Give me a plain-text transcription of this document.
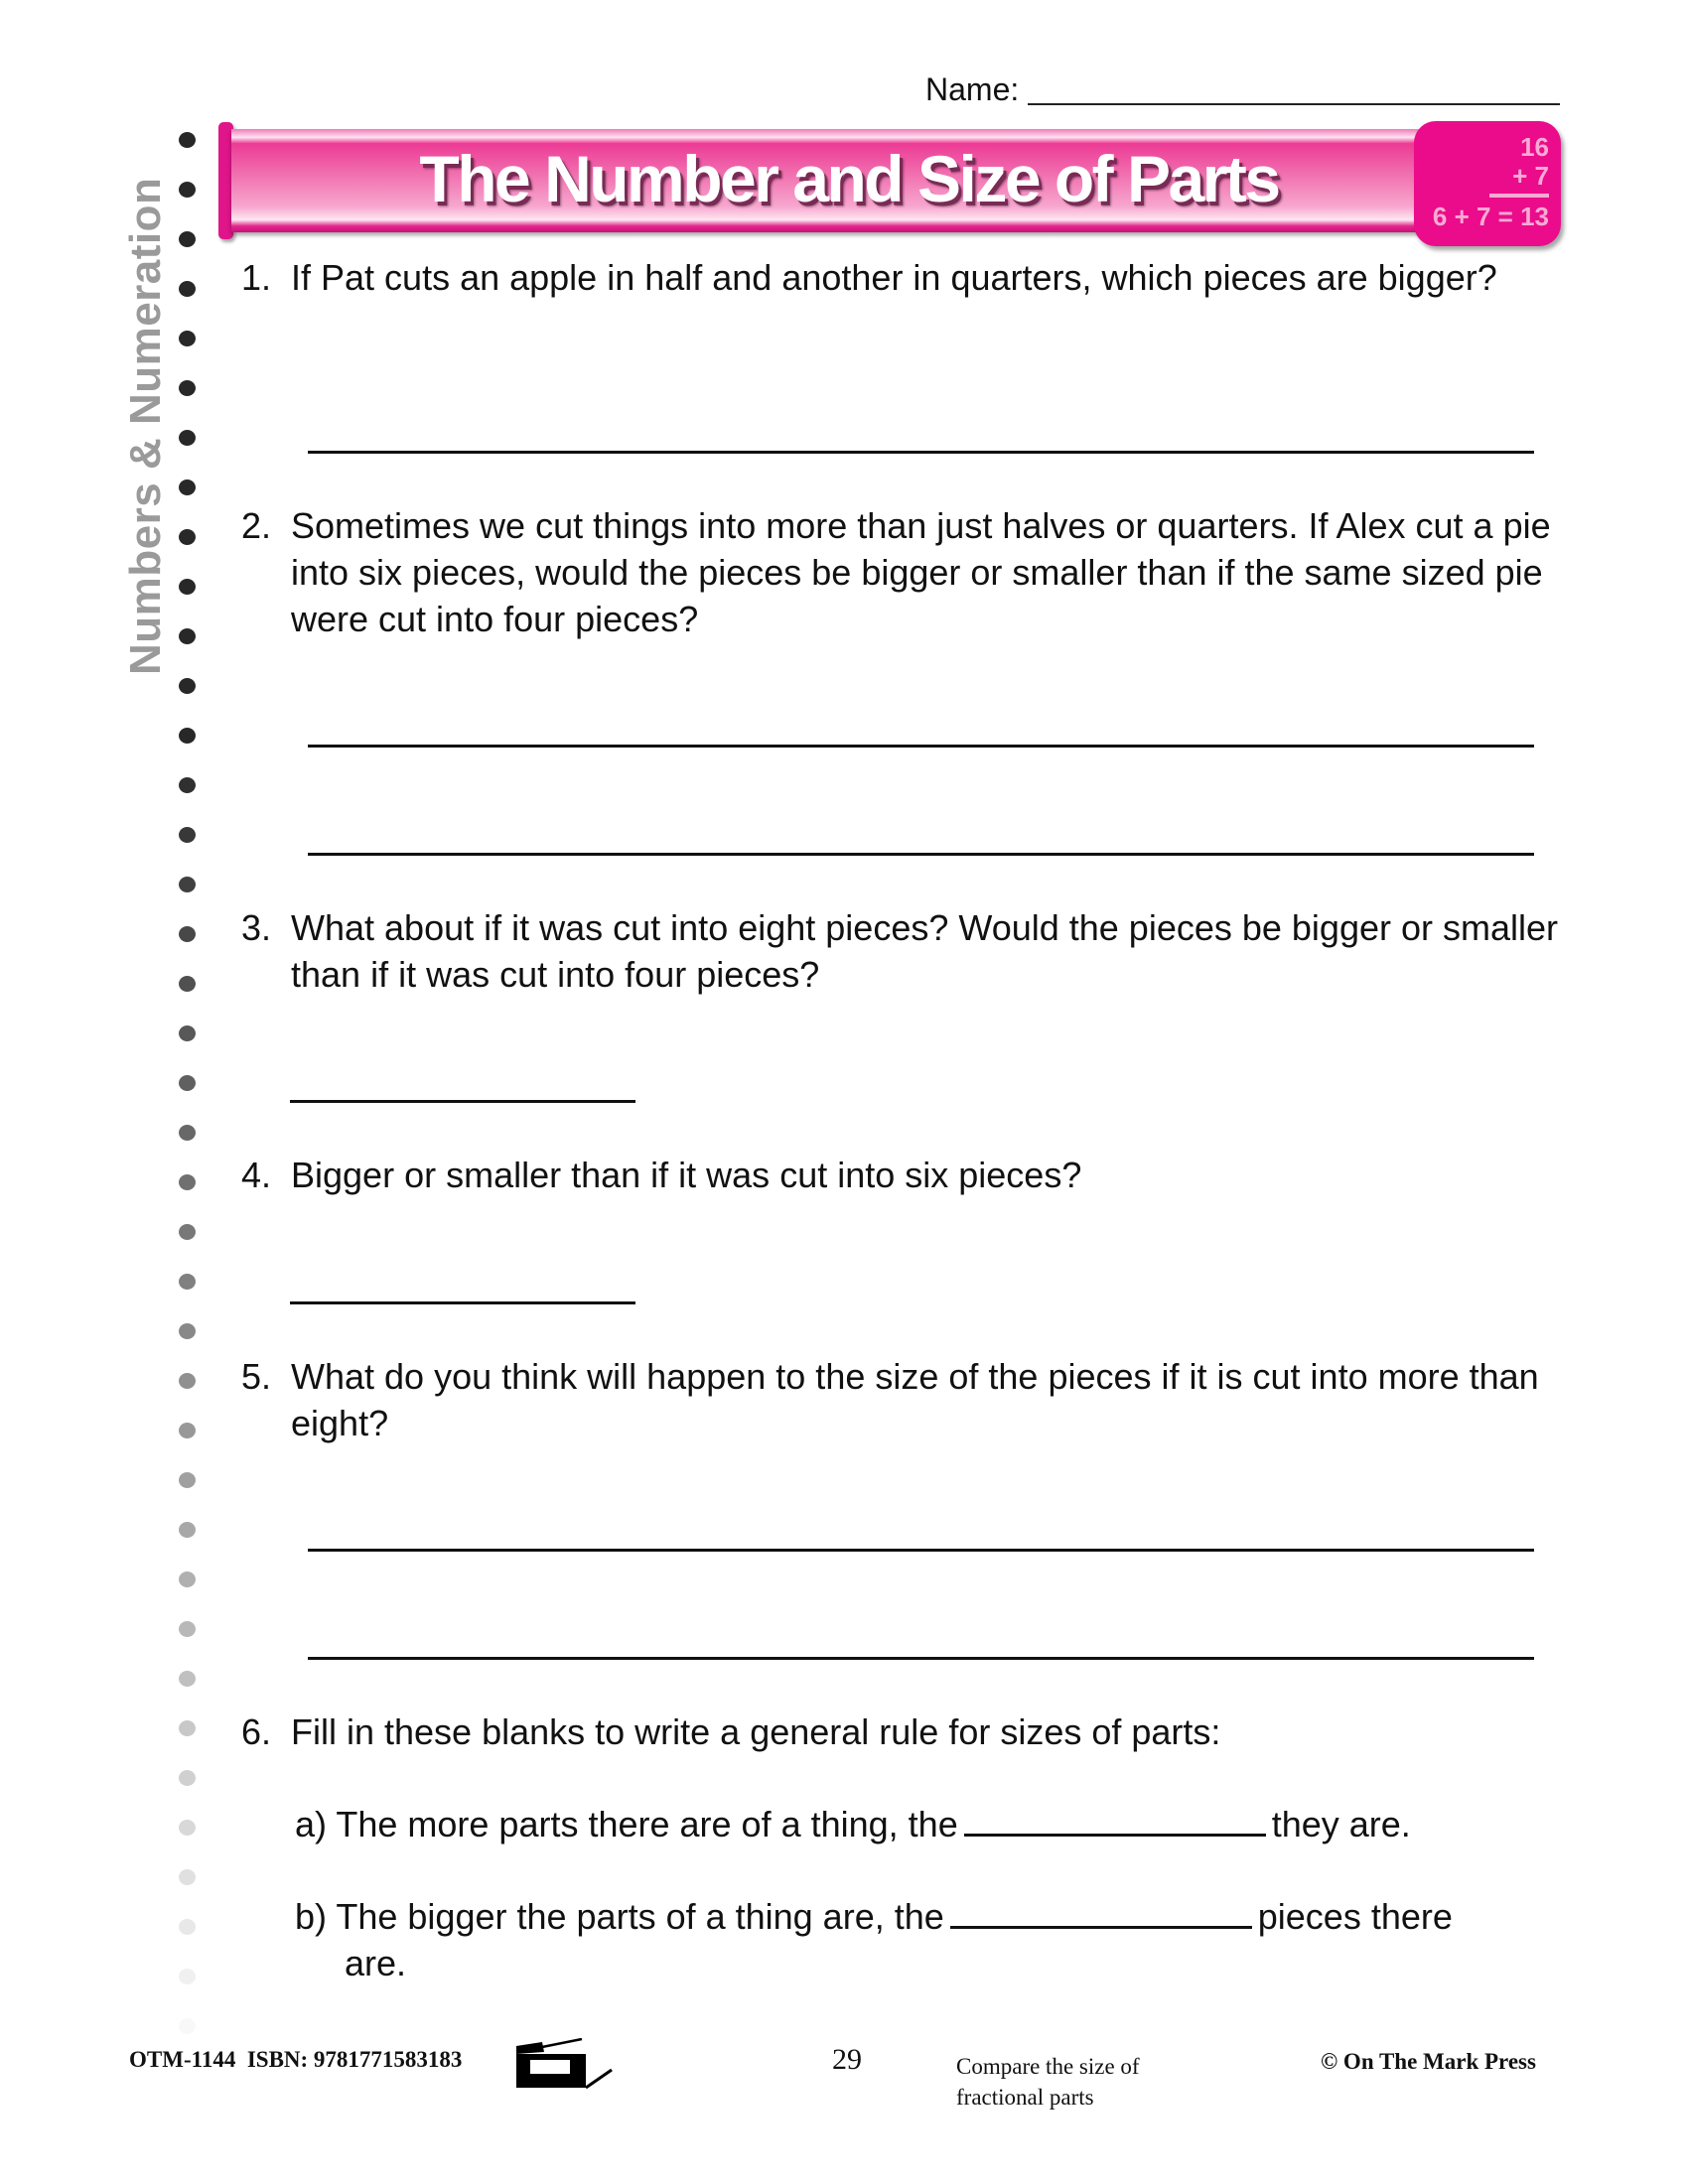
Name:
Numbers & Numeration	The Number and Size of Parts	16
+ 7
6 + 7 = 13
1. If Pat cuts an apple in half and another in quarters, which pieces are bigger?
2. Sometimes we cut things into more than just halves or quarters. If Alex cut a pie into six pieces, would the pieces be bigger or smaller than if the same sized pie were cut into four pieces?
3. What about if it was cut into eight pieces? Would the pieces be bigger or smaller than if it was cut into four pieces?
4. Bigger or smaller than if it was cut into six pieces?
5. What do you think will happen to the size of the pieces if it is cut into more than eight?
6. Fill in these blanks to write a general rule for sizes of parts:
a) The more parts there are of a thing, the	they are.
b) The bigger the parts of a thing are, the	pieces there
are.
OTM-1144  ISBN: 9781771583183	29	Compare the size of
fractional parts
© On The Mark Press
